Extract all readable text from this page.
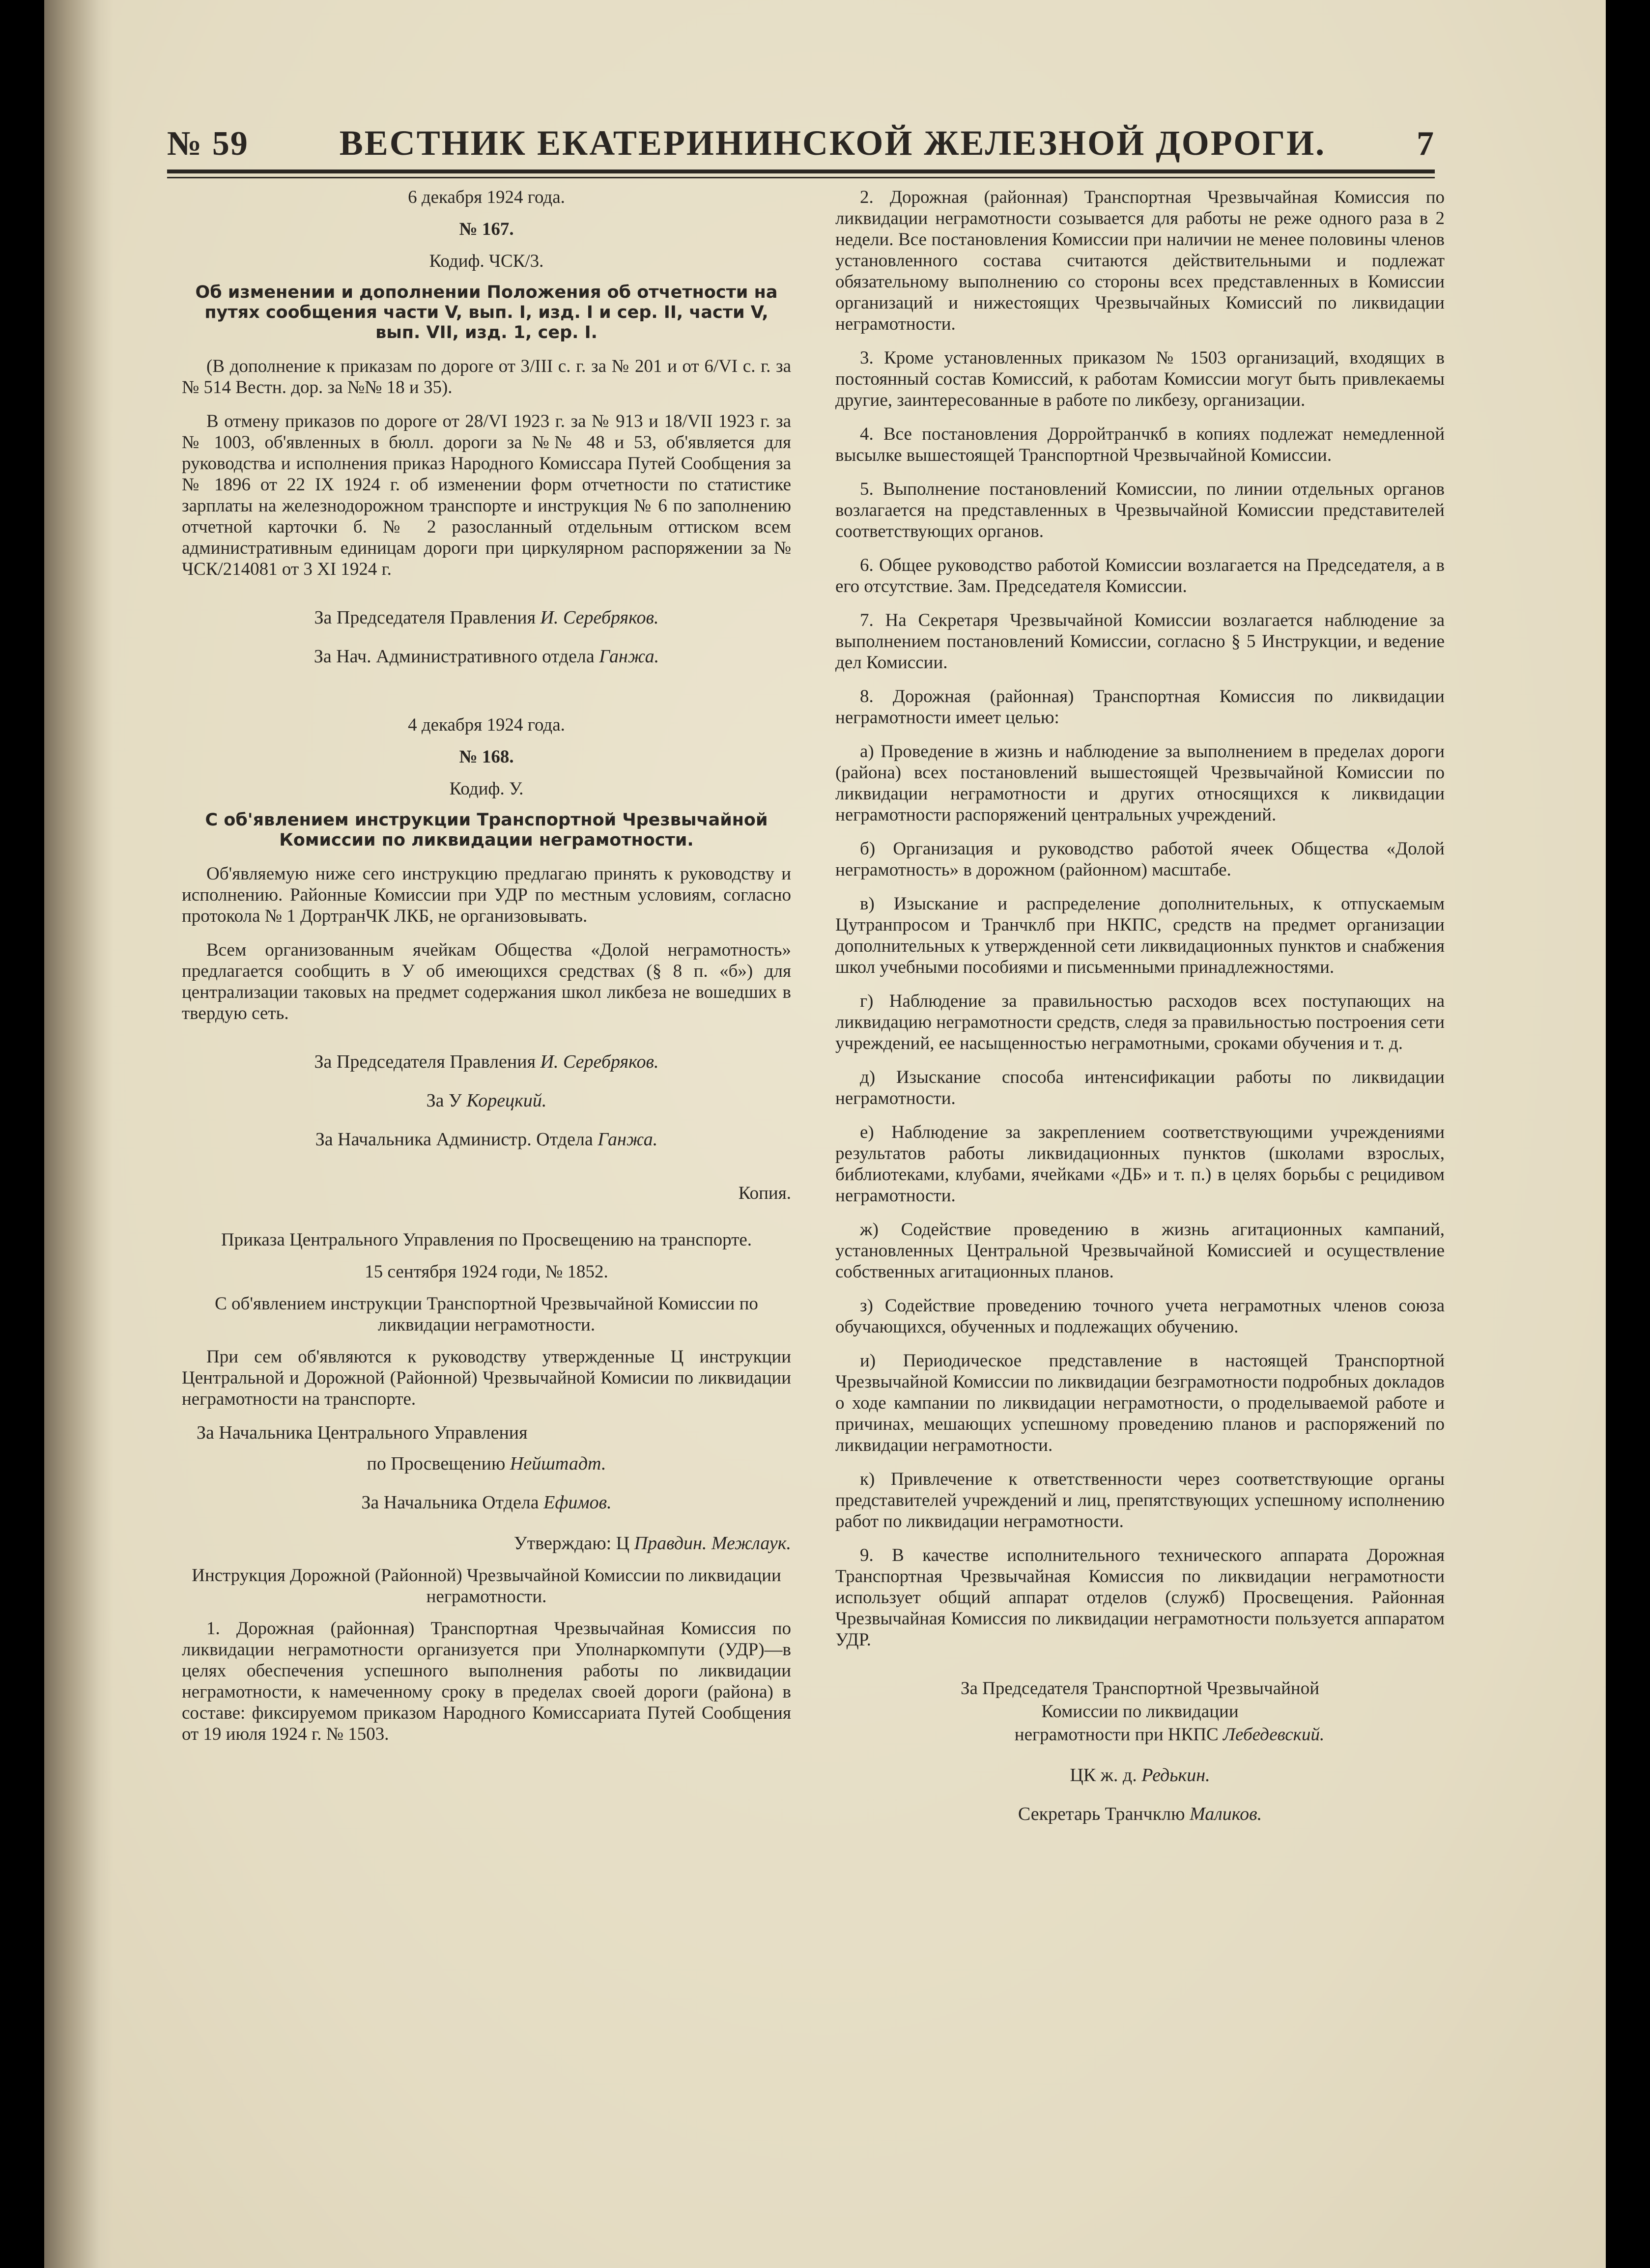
№ 59	ВЕСТНИК ЕКАТЕРИНИНСКОЙ ЖЕЛЕЗНОЙ ДОРОГИ.	7
6 декабря 1924 года.
№ 167.
Кодиф. ЧСК/3.
Об изменении и дополнении Положения об отчетности на путях сообщения части V, вып. I, изд. I и сер. II, части V, вып. VII, изд. 1, сер. I.

(В дополнение к приказам по дороге от 3/III с. г. за № 201 и от 6/VI с. г. за № 514 Вестн. дор. за №№ 18 и 35).

В отмену приказов по дороге от 28/VI 1923 г. за № 913 и 18/VII 1923 г. за № 1003, об'явленных в бюлл. дороги за №№ 48 и 53, об'является для руководства и исполнения приказ Народного Комиссара Путей Сообщения за № 1896 от 22 IX 1924 г. об изменении форм отчетности по статистике зарплаты на железнодорожном транспорте и инструкция № 6 по заполнению отчетной карточки б. № 2 разосланный отдельным оттиском всем административным единицам дороги при циркулярном распоряжении за № ЧСК/214081 от 3 XI 1924 г.

За Председателя Правления И. Серебряков.
За Нач. Административного отдела Ганжа.
4 декабря 1924 года.
№ 168.
Кодиф. У.
С об'явлением инструкции Транспортной Чрезвычайной Комиссии по ликвидации неграмотности.

Об'являемую ниже сего инструкцию предлагаю принять к руководству и исполнению. Районные Комиссии при УДР по местным условиям, согласно протокола № 1 ДортранЧК ЛКБ, не организовывать.

Всем организованным ячейкам Общества «Долой неграмотность» предлагается сообщить в У об имеющихся средствах (§ 8 п. «б») для централизации таковых на предмет содержания школ ликбеза не вошедших в твердую сеть.

За Председателя Правления И. Серебряков.
За У Корецкий.
За Начальника Администр. Отдела Ганжа.
Копия.
Приказа Центрального Управления по Просвещению на транспорте.
15 сентября 1924 годи, № 1852.
С об'явлением инструкции Транспортной Чрезвычайной Комиссии по ликвидации неграмотности.

При сем об'являются к руководству утвержденные Ц инструкции Центральной и Дорожной (Районной) Чрезвычайной Комисии по ликвидации неграмотности на транспорте.

За Начальника Центрального Управления
по Просвещению Нейштадт.
За Начальника Отдела Ефимов.
Утверждаю: Ц Правдин. Межлаук.
Инструкция Дорожной (Районной) Чрезвычайной Комиссии по ликвидации неграмотности.

1. Дорожная (районная) Транспортная Чрезвычайная Комиссия по ликвидации неграмотности организуется при Уполнаркомпути (УДР)—в целях обеспечения успешного выполнения работы по ликвидации неграмотности, к намеченному сроку в пределах своей дороги (района) в составе: фиксируемом приказом Народного Комиссариата Путей Сообщения от 19 июля 1924 г. № 1503.

2. Дорожная (районная) Транспортная Чрезвычайная Комиссия по ликвидации неграмотности созывается для работы не реже одного раза в 2 недели. Все постановления Комиссии при наличии не менее половины членов установленного состава считаются действительными и подлежат обязательному выполнению со стороны всех представленных в Комиссии организаций и нижестоящих Чрезвычайных Комиссий по ликвидации неграмотности.

3. Кроме установленных приказом № 1503 организаций, входящих в постоянный состав Комиссий, к работам Комиссии могут быть привлекаемы другие, заинтересованные в работе по ликбезу, организации.

4. Все постановления Дорройтранчкб в копиях подлежат немедленной высылке вышестоящей Транспортной Чрезвычайной Комиссии.

5. Выполнение постановлений Комиссии, по линии отдельных органов возлагается на представленных в Чрезвычайной Комиссии представителей соответствующих органов.

6. Общее руководство работой Комиссии возлагается на Председателя, а в его отсутствие. Зам. Председателя Комиссии.

7. На Секретаря Чрезвычайной Комиссии возлагается наблюдение за выполнением постановлений Комиссии, согласно § 5 Инструкции, и ведение дел Комиссии.

8. Дорожная (районная) Транспортная Комиссия по ликвидации неграмотности имеет целью:

а) Проведение в жизнь и наблюдение за выполнением в пределах дороги (района) всех постановлений вышестоящей Чрезвычайной Комиссии по ликвидации неграмотности и других относящихся к ликвидации неграмотности распоряжений центральных учреждений.

б) Организация и руководство работой ячеек Общества «Долой неграмотность» в дорожном (районном) масштабе.

в) Изыскание и распределение дополнительных, к отпускаемым Цутранпросом и Транчклб при НКПС, средств на предмет организации дополнительных к утвержденной сети ликвидационных пунктов и снабжения школ учебными пособиями и письменными принадлежностями.

г) Наблюдение за правильностью расходов всех поступающих на ликвидацию неграмотности средств, следя за правильностью построения сети учреждений, ее насыщенностью неграмотными, сроками обучения и т. д.

д) Изыскание способа интенсификации работы по ликвидации неграмотности.

е) Наблюдение за закреплением соответствующими учреждениями результатов работы ликвидационных пунктов (школами взрослых, библиотеками, клубами, ячейками «ДБ» и т. п.) в целях борьбы с рецидивом неграмотности.

ж) Содействие проведению в жизнь агитационных кампаний, установленных Центральной Чрезвычайной Комиссией и осуществление собственных агитационных планов.

з) Содействие проведению точного учета неграмотных членов союза обучающихся, обученных и подлежащих обучению.

и) Периодическое представление в настоящей Транспортной Чрезвычайной Комиссии по ликвидации безграмотности подробных докладов о ходе кампании по ликвидации неграмотности, о проделываемой работе и причинах, мешающих успешному проведению планов и распоряжений по ликвидации неграмотности.

к) Привлечение к ответственности через соответствующие органы представителей учреждений и лиц, препятствующих успешному исполнению работ по ликвидации неграмотности.

9. В качестве исполнительного технического аппарата Дорожная Транспортная Чрезвычайная Комиссия по ликвидации неграмотности использует общий аппарат отделов (служб) Просвещения. Районная Чрезвычайная Комиссия по ликвидации неграмотности пользуется аппаратом УДР.

За Председателя Транспортной Чрезвычайной
Комиссии по ликвидации
неграмотности при НКПС Лебедевский.
ЦК ж. д. Редькин.
Секретарь Транчклю Маликов.
